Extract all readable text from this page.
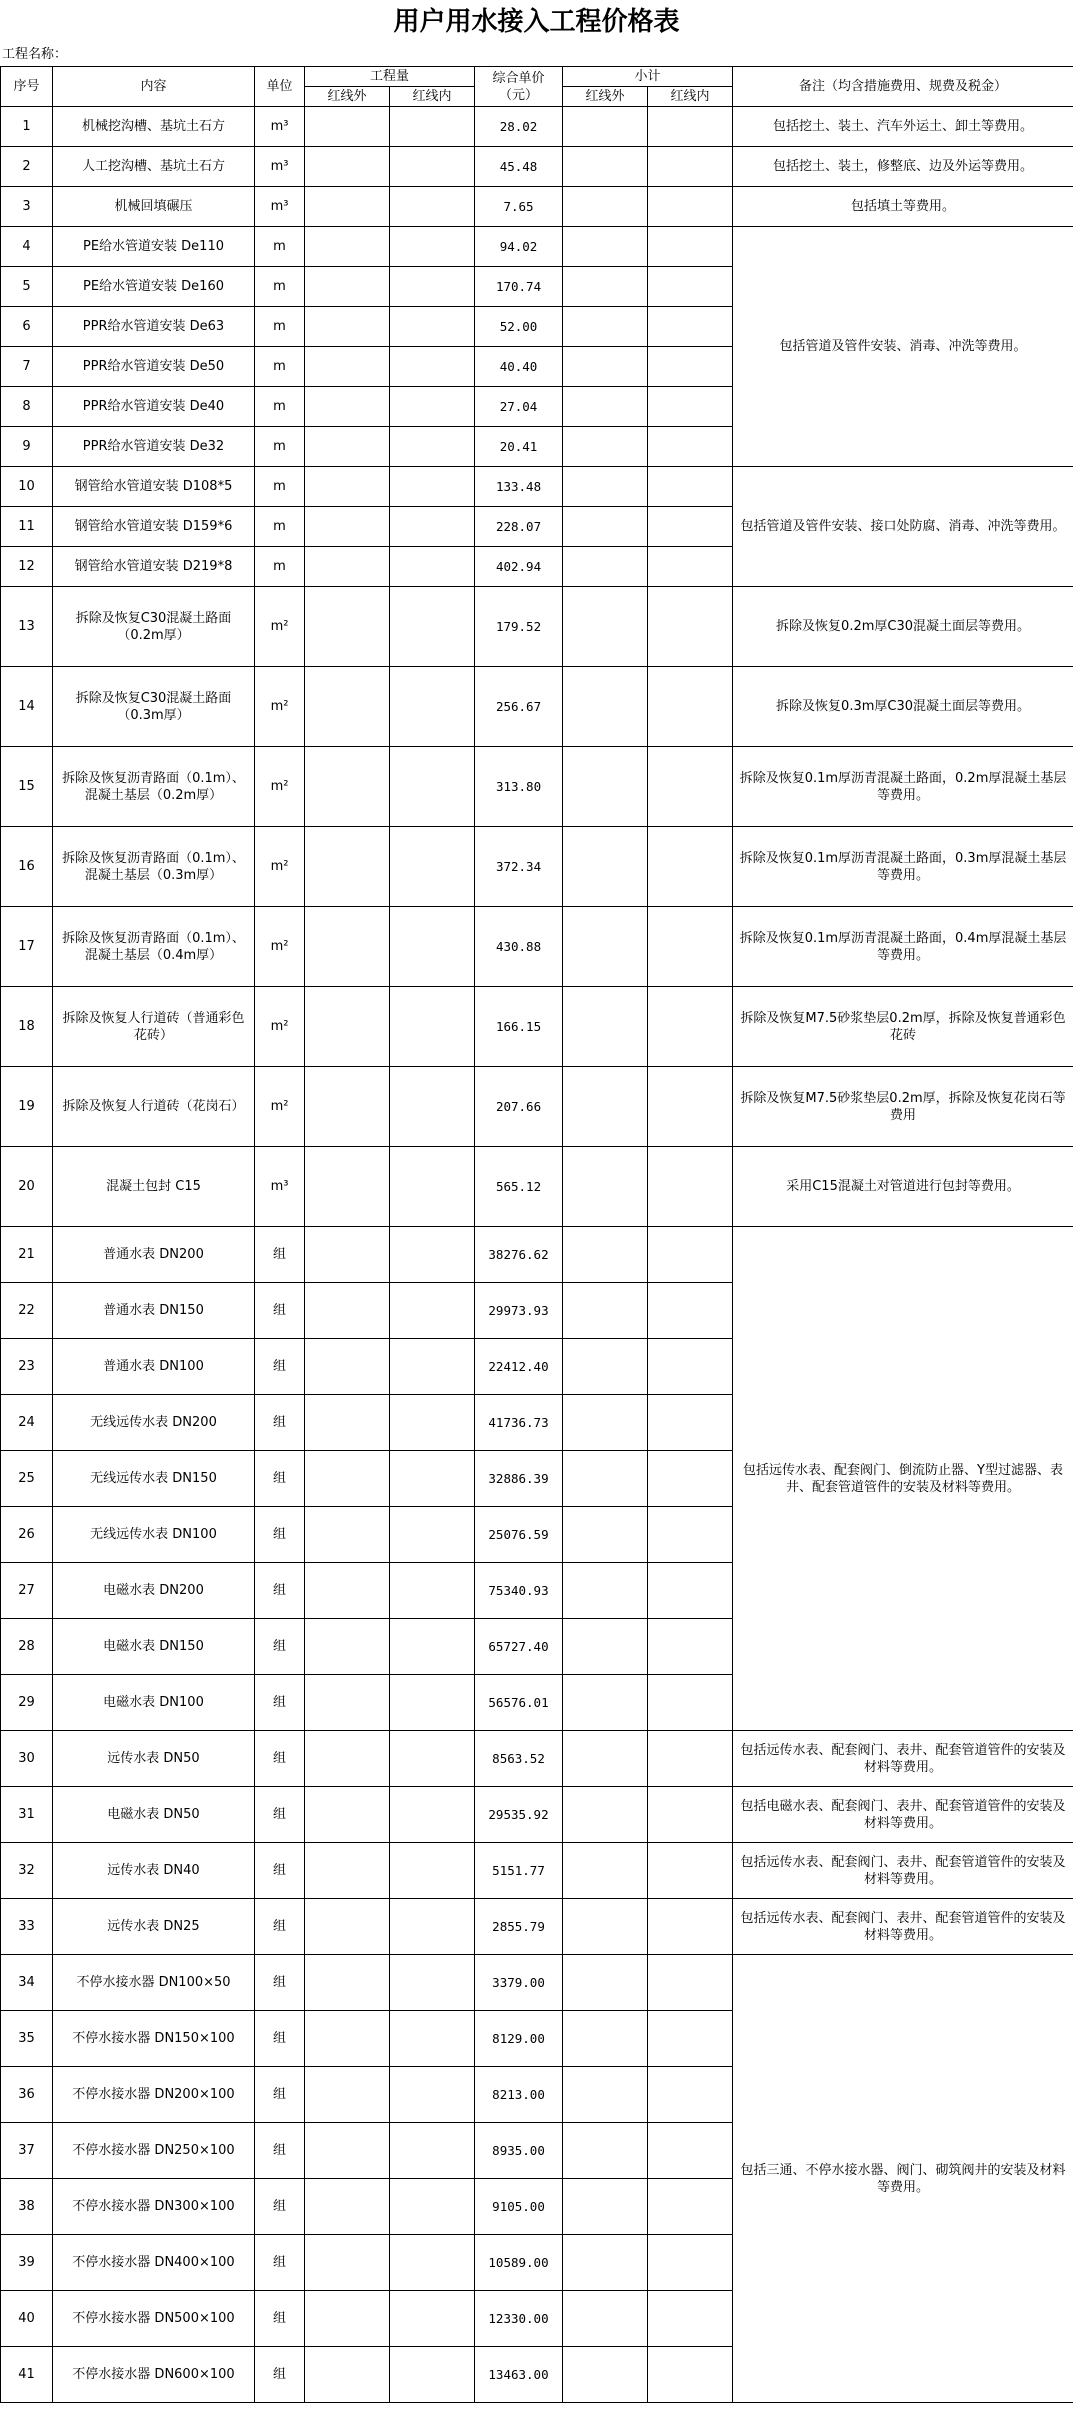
用户用水接入工程价格表
工程名称：
序号	内容	单位	工程量		综合单价（元）	小计		备注（均含措施费用、规费及税金）
			红线外	红线内		红线外	红线内	
1	机械挖沟槽、基坑土石方	m³			28.02			包括挖土、装土、汽车外运土、卸土等费用。
2	人工挖沟槽、基坑土石方	m³			45.48			包括挖土、装土，修整底、边及外运等费用。
3	机械回填碾压	m³			7.65			包括填土等费用。
4	PE给水管道安装 De110	m			94.02			包括管道及管件安装、消毒、冲洗等费用。
5	PE给水管道安装 De160	m			170.74			
6	PPR给水管道安装 De63	m			52.00			
7	PPR给水管道安装 De50	m			40.40			
8	PPR给水管道安装 De40	m			27.04			
9	PPR给水管道安装 De32	m			20.41			
10	钢管给水管道安装 D108*5	m			133.48			包括管道及管件安装、接口处防腐、消毒、冲洗等费用。
11	钢管给水管道安装 D159*6	m			228.07			
12	钢管给水管道安装 D219*8	m			402.94			
13	拆除及恢复C30混凝土路面（0.2m厚）	m²			179.52			拆除及恢复0.2m厚C30混凝土面层等费用。
14	拆除及恢复C30混凝土路面（0.3m厚）	m²			256.67			拆除及恢复0.3m厚C30混凝土面层等费用。
15	拆除及恢复沥青路面（0.1m）、混凝土基层（0.2m厚）	m²			313.80			拆除及恢复0.1m厚沥青混凝土路面，0.2m厚混凝土基层等费用。
16	拆除及恢复沥青路面（0.1m）、混凝土基层（0.3m厚）	m²			372.34			拆除及恢复0.1m厚沥青混凝土路面，0.3m厚混凝土基层等费用。
17	拆除及恢复沥青路面（0.1m）、混凝土基层（0.4m厚）	m²			430.88			拆除及恢复0.1m厚沥青混凝土路面，0.4m厚混凝土基层等费用。
18	拆除及恢复人行道砖（普通彩色花砖）	m²			166.15			拆除及恢复M7.5砂浆垫层0.2m厚，拆除及恢复普通彩色花砖
19	拆除及恢复人行道砖（花岗石）	m²			207.66			拆除及恢复M7.5砂浆垫层0.2m厚，拆除及恢复花岗石等费用
20	混凝土包封 C15	m³			565.12			采用C15混凝土对管道进行包封等费用。
21	普通水表 DN200	组			38276.62			包括远传水表、配套阀门、倒流防止器、Y型过滤器、表井、配套管道管件的安装及材料等费用。
22	普通水表 DN150	组			29973.93			
23	普通水表 DN100	组			22412.40			
24	无线远传水表 DN200	组			41736.73			
25	无线远传水表 DN150	组			32886.39			
26	无线远传水表 DN100	组			25076.59			
27	电磁水表 DN200	组			75340.93			
28	电磁水表 DN150	组			65727.40			
29	电磁水表 DN100	组			56576.01			
30	远传水表 DN50	组			8563.52			包括远传水表、配套阀门、表井、配套管道管件的安装及材料等费用。
31	电磁水表 DN50	组			29535.92			包括电磁水表、配套阀门、表井、配套管道管件的安装及材料等费用。
32	远传水表 DN40	组			5151.77			包括远传水表、配套阀门、表井、配套管道管件的安装及材料等费用。
33	远传水表 DN25	组			2855.79			包括远传水表、配套阀门、表井、配套管道管件的安装及材料等费用。
34	不停水接水器 DN100×50	组			3379.00			包括三通、不停水接水器、阀门、砌筑阀井的安装及材料等费用。
35	不停水接水器 DN150×100	组			8129.00			
36	不停水接水器 DN200×100	组			8213.00			
37	不停水接水器 DN250×100	组			8935.00			
38	不停水接水器 DN300×100	组			9105.00			
39	不停水接水器 DN400×100	组			10589.00			
40	不停水接水器 DN500×100	组			12330.00			
41	不停水接水器 DN600×100	组			13463.00			
